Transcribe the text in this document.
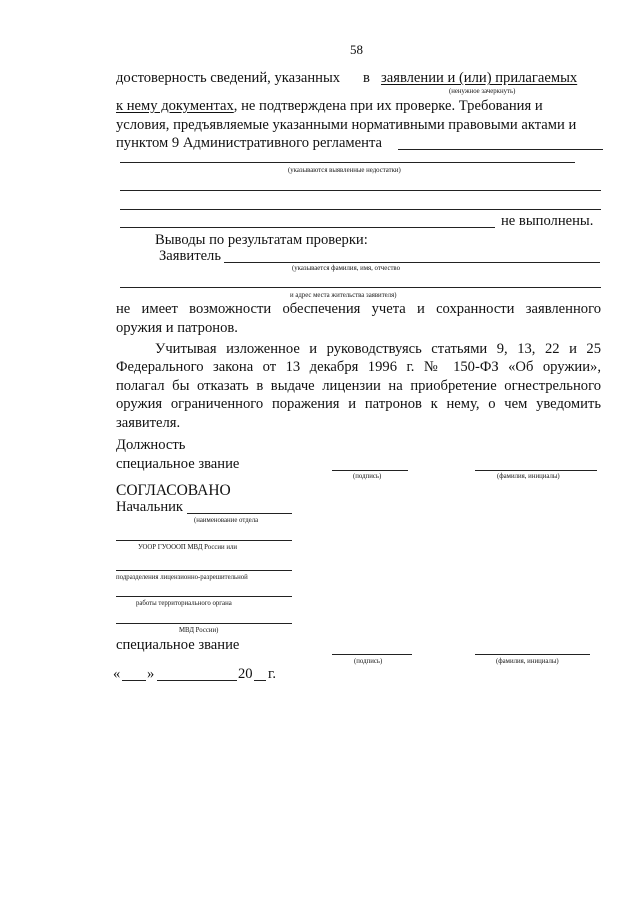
58
достоверность сведений, указанных в заявлении и (или) прилагаемых
(ненужное зачеркнуть)
к нему документах, не подтверждена при их проверке. Требования и
условия, предъявляемые указанными нормативными правовыми актами и
пунктом 9 Административного регламента
(указываются выявленные недостатки)
не выполнены.
Выводы по результатам проверки:
Заявитель
(указывается фамилия, имя, отчество
и адрес места жительства заявителя)
не имеет возможности обеспечения учета и сохранности заявленного
оружия и патронов.
Учитывая изложенное и руководствуясь статьями 9, 13, 22 и 25
Федерального закона от 13 декабря 1996 г. № 150-ФЗ «Об оружии»,
полагал бы отказать в выдаче лицензии на приобретение огнестрельного
оружия ограниченного поражения и патронов к нему, о чем уведомить
заявителя.
Должность
специальное звание
(подпись)	(фамилия, инициалы)
СОГЛАСОВАНО
Начальник
(наименование отдела
УООР ГУОООП МВД России или
подразделения лицензионно-разрешительной
работы территориального органа
МВД России)
специальное звание
(подпись)	(фамилия, инициалы)
« »	20 г.
